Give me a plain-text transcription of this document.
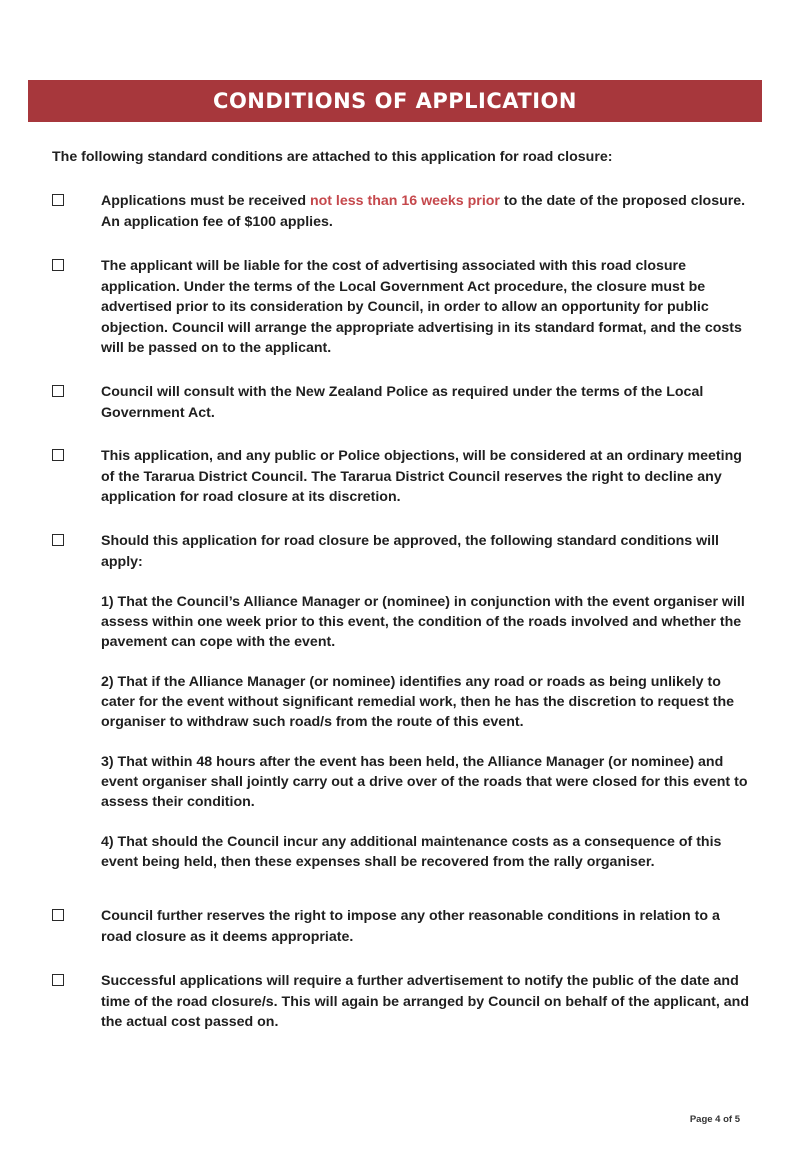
CONDITIONS OF APPLICATION
The following standard conditions are attached to this application for road closure:
Applications must be received not less than 16 weeks prior to the date of the proposed closure. An application fee of $100 applies.
The applicant will be liable for the cost of advertising associated with this road closure application. Under the terms of the Local Government Act procedure, the closure must be advertised prior to its consideration by Council, in order to allow an opportunity for public objection. Council will arrange the appropriate advertising in its standard format, and the costs will be passed on to the applicant.
Council will consult with the New Zealand Police as required under the terms of the Local Government Act.
This application, and any public or Police objections, will be considered at an ordinary meeting of the Tararua District Council. The Tararua District Council reserves the right to decline any application for road closure at its discretion.
Should this application for road closure be approved, the following standard conditions will apply:
1) That the Council’s Alliance Manager or (nominee) in conjunction with the event organiser will assess within one week prior to this event, the condition of the roads involved and whether the pavement can cope with the event.
2) That if the Alliance Manager (or nominee) identifies any road or roads as being unlikely to cater for the event without significant remedial work, then he has the discretion to request the organiser to withdraw such road/s from the route of this event.
3) That within 48 hours after the event has been held, the Alliance Manager (or nominee) and event organiser shall jointly carry out a drive over of the roads that were closed for this event to assess their condition.
4) That should the Council incur any additional maintenance costs as a consequence of this event being held, then these expenses shall be recovered from the rally organiser.
Council further reserves the right to impose any other reasonable conditions in relation to a road closure as it deems appropriate.
Successful applications will require a further advertisement to notify the public of the date and time of the road closure/s. This will again be arranged by Council on behalf of the applicant, and the actual cost passed on.
Page 4 of 5
